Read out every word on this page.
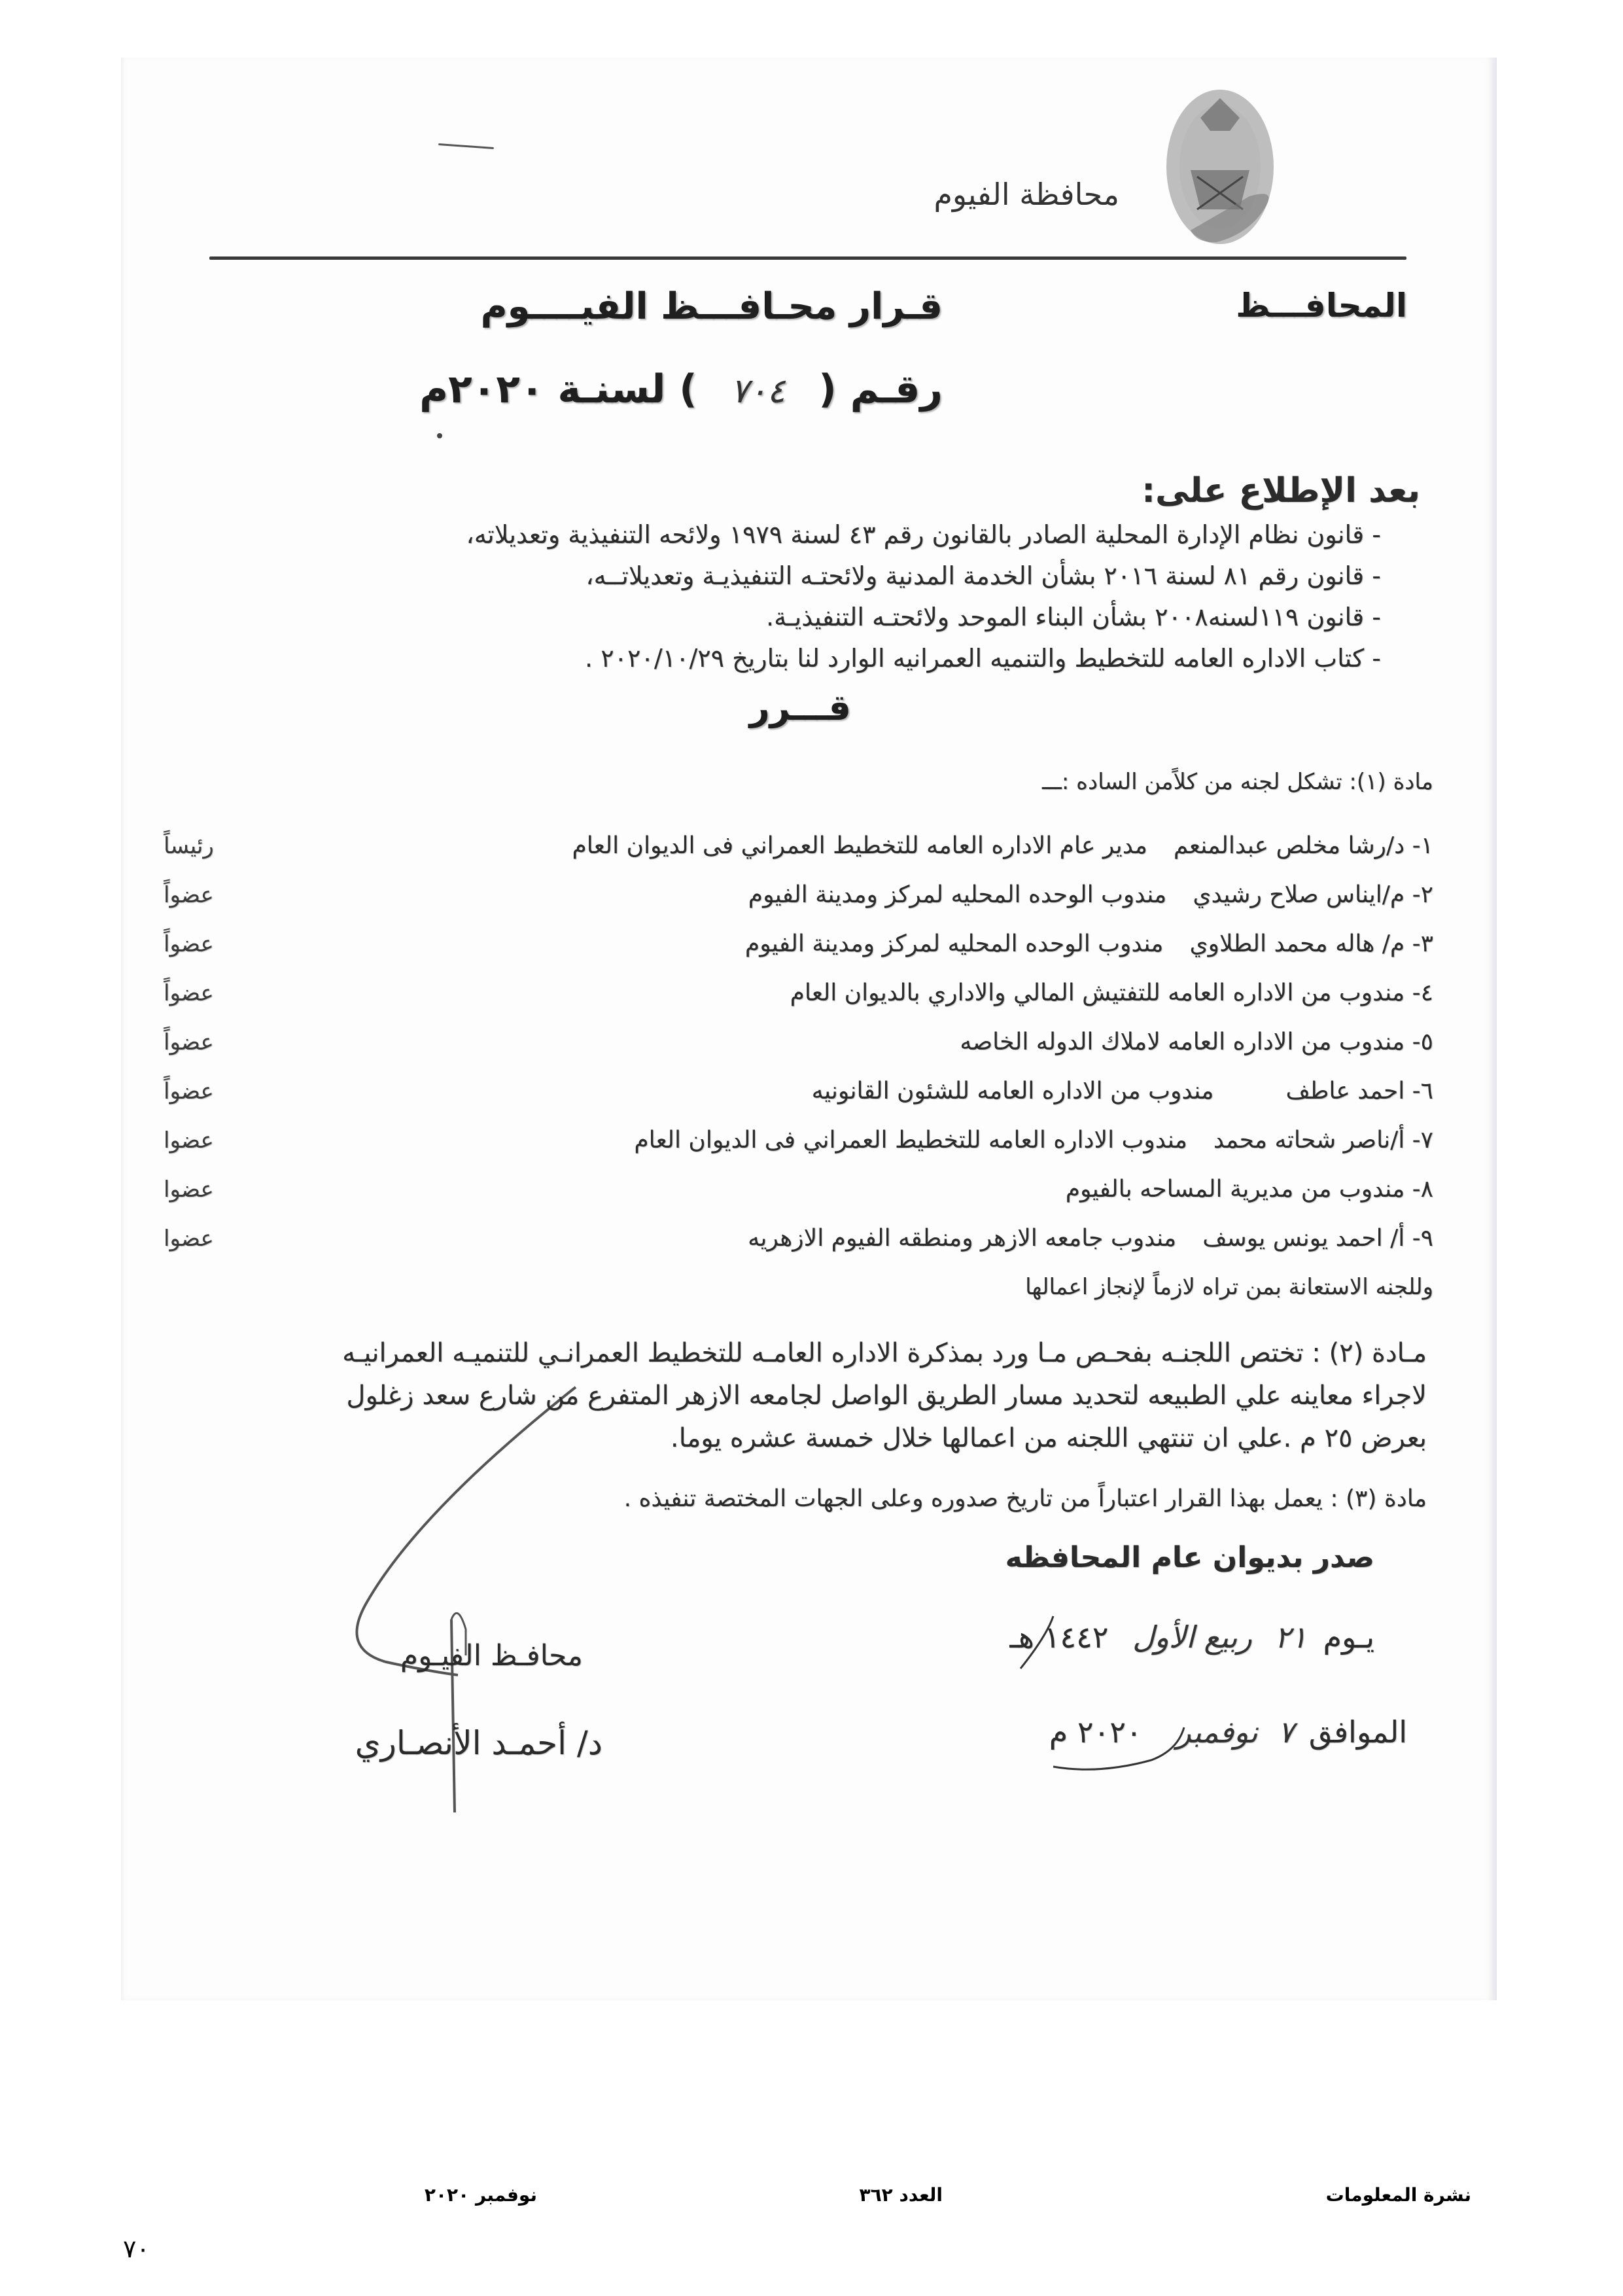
محافظة الفيوم
المحافـــظ
قـرار محـافـــظ الفيــــوم
رقـم ( ٧٠٤ ) لسنـة ٢٠٢٠م
بعد الإطلاع على:
- قانون نظام الإدارة المحلية الصادر بالقانون رقم ٤٣ لسنة ١٩٧٩ ولائحه التنفيذية وتعديلاته،
- قانون رقم ٨١ لسنة ٢٠١٦ بشأن الخدمة المدنية ولائحتـه التنفيذيـة وتعديلاتــه،
- قانون ١١٩لسنه٢٠٠٨ بشأن البناء الموحد ولائحتـه التنفيذيـة.
- كتاب الاداره العامه للتخطيط والتنميه العمرانيه الوارد لنا بتاريخ ٢٠٢٠/١٠/٢٩ .
قـــرر
مادة (١): تشكل لجنه من كلاًمن الساده :ـــ
١- د/رشا مخلص عبدالمنعم
مدير عام الاداره العامه للتخطيط العمراني فى الديوان العام
رئيساً
٢- م/ايناس صلاح رشيدي
مندوب الوحده المحليه لمركز ومدينة الفيوم
عضواً
٣- م/ هاله محمد الطلاوي
مندوب الوحده المحليه لمركز ومدينة الفيوم
عضواً
٤- مندوب من الاداره العامه للتفتيش المالي والاداري بالديوان العام
عضواً
٥- مندوب من الاداره العامه لاملاك الدوله الخاصه
عضواً
٦- احمد عاطف
مندوب من الاداره العامه للشئون القانونيه
عضواً
٧- أ/ناصر شحاته محمد
مندوب الاداره العامه للتخطيط العمراني فى الديوان العام
عضوا
٨- مندوب من مديرية المساحه بالفيوم
عضوا
٩- أ/ احمد يونس يوسف
مندوب جامعه الازهر ومنطقه الفيوم الازهريه
عضوا
وللجنه الاستعانة بمن تراه لازماً لإنجاز اعمالها
مـادة (٢) : تختص اللجنـه بفحـص مـا ورد بمذكرة الاداره العامـه للتخطيط العمرانـي للتنميـه العمرانيـه
لاجراء معاينه علي الطبيعه لتحديد مسار الطريق الواصل لجامعه الازهر المتفرع من شارع سعد زغلول
بعرض ٢٥ م .علي ان تنتهي اللجنه من اعمالها خلال خمسة عشره يوما.
مادة (٣) : يعمل بهذا القرار اعتباراً من تاريخ صدوره وعلى الجهات المختصة تنفيذه .
صدر بديوان عام المحافظه
يـوم ٢١ ربيع الأول ١٤٤٢ هـ
الموافق ٧ نوفمبر ٢٠٢٠ م
محافـظ الفيـوم
د/ أحمـد الأنصـاري
نشرة المعلومات
العدد ٣٦٢
نوفمبر ٢٠٢٠
٧٠
